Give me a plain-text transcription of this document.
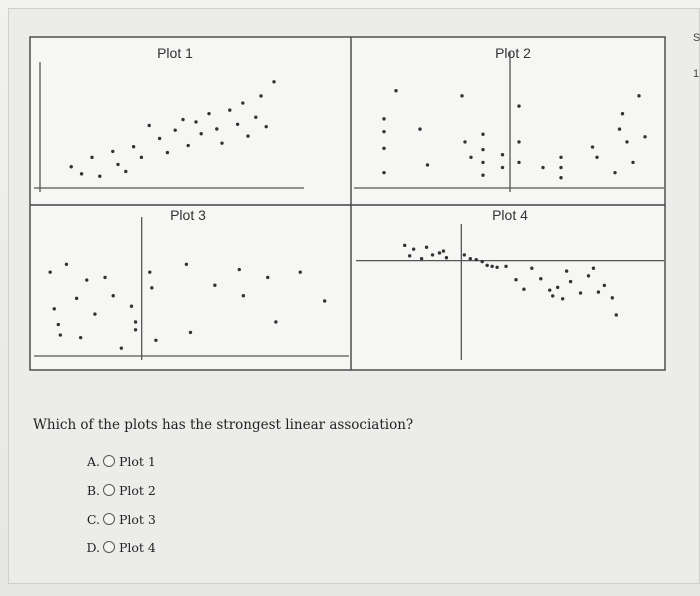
Plot 1	Plot 2
Plot 3	Plot 4
Which of the plots has the strongest linear association?
A. Plot 1
B. Plot 2
C. Plot 3
D. Plot 4
S
1
